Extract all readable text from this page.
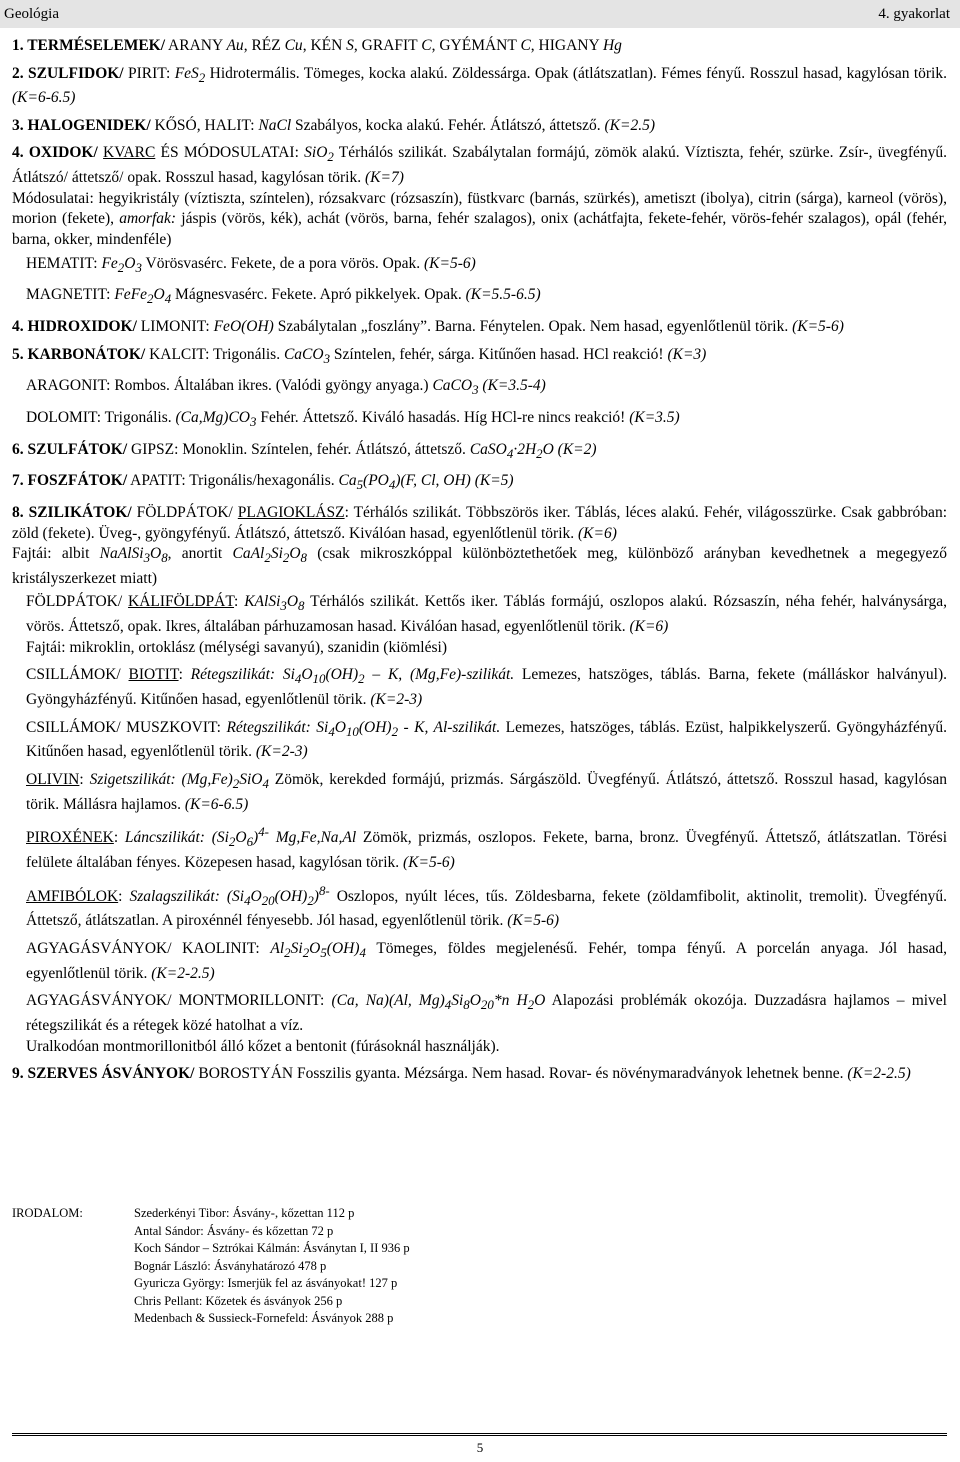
Geológia	4. gyakorlat
1. TERMÉSELEMEK/ ARANY Au, RÉZ Cu, KÉN S, GRAFIT C, GYÉMÁNT C, HIGANY Hg
2. SZULFIDOK/ PIRIT: FeS$_2$ Hidrotermális. Tömeges, kocka alakú. Zöldessárga. Opak (átlátszatlan). Fémes fényű. Rosszul hasad, kagylósan törik. (K=6-6.5)
3. HALOGENIDEK/ KŐSÓ, HALIT: NaCl Szabályos, kocka alakú. Fehér. Átlátszó, áttetsző. (K=2.5)
4. OXIDOK/ KVARC ÉS MÓDOSULATAI: SiO$_2$ Térhálós szilikát. Szabálytalan formájú, zömök alakú. Víztiszta, fehér, szürke. Zsír-, üvegfényű. Átlátszó/ áttetsző/ opak. Rosszul hasad, kagylósan törik. (K=7)
Módosulatai: hegyikristály (víztiszta, színtelen), rózsakvarc (rózsaszín), füstkvarc (barnás, szürkés), ametiszt (ibolya), citrin (sárga), karneol (vörös), morion (fekete), amorfak: jáspis (vörös, kék), achát (vörös, barna, fehér szalagos), onix (achátfajta, fekete-fehér, vörös-fehér szalagos), opál (fehér, barna, okker, mindenféle)
HEMATIT: $Fe_2O_3$ Vörösvasérc. Fekete, de a pora vörös. Opak. (K=5-6)
MAGNETIT: $FeFe_2O_4$ Mágnesvasérc. Fekete. Apró pikkelyek. Opak. (K=5.5-6.5)
4. HIDROXIDOK/ LIMONIT: FeO(OH) Szabálytalan „foszlány”. Barna. Fénytelen. Opak. Nem hasad, egyenlőtlenül törik. (K=5-6)
5. KARBONÁTOK/ KALCIT: Trigonális. CaCO$_3$ Színtelen, fehér, sárga. Kitűnően hasad. HCl reakció! (K=3)
ARAGONIT: Rombos. Általában ikres. (Valódi gyöngy anyaga.) CaCO$_3$ (K=3.5-4)
DOLOMIT: Trigonális. $(Ca,Mg)CO_3$ Fehér. Áttetsző. Kiváló hasadás. Híg HCl-re nincs reakció! (K=3.5)
6. SZULFÁTOK/ GIPSZ: Monoklin. Színtelen, fehér. Átlátszó, áttetsző. $CaSO_4\cdot 2H_2O$ (K=2)
7. FOSZFÁTOK/ APATIT: Trigonális/hexagonális. $Ca_5(PO_4)(F$, Cl, OH) (K=5)
8. SZILIKÁTOK/ FÖLDPÁTOK/ PLAGIOKLÁSZ: Térhálós szilikát. Többszörös iker. Táblás, léces alakú. Fehér, világosszürke. Csak gabbróban: zöld (fekete). Üveg-, gyöngyfényű. Átlátszó, áttetsző. Kiválóan hasad, egyenlőtlenül törik. (K=6)
Fajtái: albit $NaAlSi_3O_8$, anortit $CaAl_2Si_2O_8$ (csak mikroszkóppal különböztethetőek meg, különböző arányban kevedhetnek a megegyező kristályszerkezet miatt)
FÖLDPÁTOK/ KÁLIFÖLDPÁT: $KAlSi_3O_8$ Térhálós szilikát. Kettős iker. Táblás formájú, oszlopos alakú. Rózsaszín, néha fehér, halványsárga, vörös. Áttetsző, opak. Ikres, általában párhuzamosan hasad. Kiválóan hasad, egyenlőtlenül törik. (K=6)
Fajtái: mikroklin, ortoklász (mélységi savanyú), szanidin (kiömlési)
CSILLÁMOK/ BIOTIT: Rétegszilikát: $Si_4O_{10}(OH)_2$ – K, (Mg,Fe)-szilikát. Lemezes, hatszöges, táblás. Barna, fekete (málláskor halványul). Gyöngyházfényű. Kitűnően hasad, egyenlőtlenül törik. (K=2-3)
CSILLÁMOK/ MUSZKOVIT: Rétegszilikát: $Si_4O_{10}(OH)_2$ - K, Al-szilikát. Lemezes, hatszöges, táblás. Ezüst, halpikkelyszerű. Gyöngyházfényű. Kitűnően hasad, egyenlőtlenül törik. (K=2-3)
OLIVIN: Szigetszilikát: $(Mg,Fe)_2SiO_4$ Zömök, kerekded formájú, prizmás. Sárgászöld. Üvegfényű. Átlátszó, áttetsző. Rosszul hasad, kagylósan törik. Mállásra hajlamos. (K=6-6.5)
PIROXÉNEK: Láncszilikát: $(Si_2O_6)^{4-}$ Mg,Fe,Na,Al Zömök, prizmás, oszlopos. Fekete, barna, bronz. Üvegfényű. Áttetsző, átlátszatlan. Törési felülete általában fényes. Közepesen hasad, kagylósan törik. (K=5-6)
AMFIBÓLOK: Szalagszilikát: $(Si_4O_{20}(OH)_2)^{8-}$ Oszlopos, nyúlt léces, tűs. Zöldesbarna, fekete (zöldamfibolit, aktinolit, tremolit). Üvegfényű. Áttetsző, átlátszatlan. A piroxénnél fényesebb. Jól hasad, egyenlőtlenül törik. (K=5-6)
AGYAGÁSVÁNYOK/ KAOLINIT: $Al_2Si_2O_5(OH)_4$ Tömeges, földes megjelenésű. Fehér, tompa fényű. A porcelán anyaga. Jól hasad, egyenlőtlenül törik. (K=2-2.5)
AGYAGÁSVÁNYOK/ MONTMORILLONIT: (Ca, Na)(Al, $Mg)_4Si_8O_{20}*n$ $H_2O$ Alapozási problémák okozója. Duzzadásra hajlamos – mivel rétegszilikát és a rétegek közé hatolhat a víz.
Uralkodóan montmorillonitból álló kőzet a bentonit (fúrásoknál használják).
9. SZERVES ÁSVÁNYOK/ BOROSTYÁN Fosszilis gyanta. Mézsárga. Nem hasad. Rovar- és növénymaradványok lehetnek benne. (K=2-2.5)
IRODALOM:	Szederkényi Tibor: Ásvány-, kőzettan 112 p
Antal Sándor: Ásvány- és kőzettan 72 p
Koch Sándor – Sztrókai Kálmán: Ásványtan I, II 936 p
Bognár László: Ásványhatározó 478 p
Gyuricza György: Ismerjük fel az ásványokat! 127 p
Chris Pellant: Kőzetek és ásványok 256 p
Medenbach & Sussieck-Fornefeld: Ásványok 288 p
5
